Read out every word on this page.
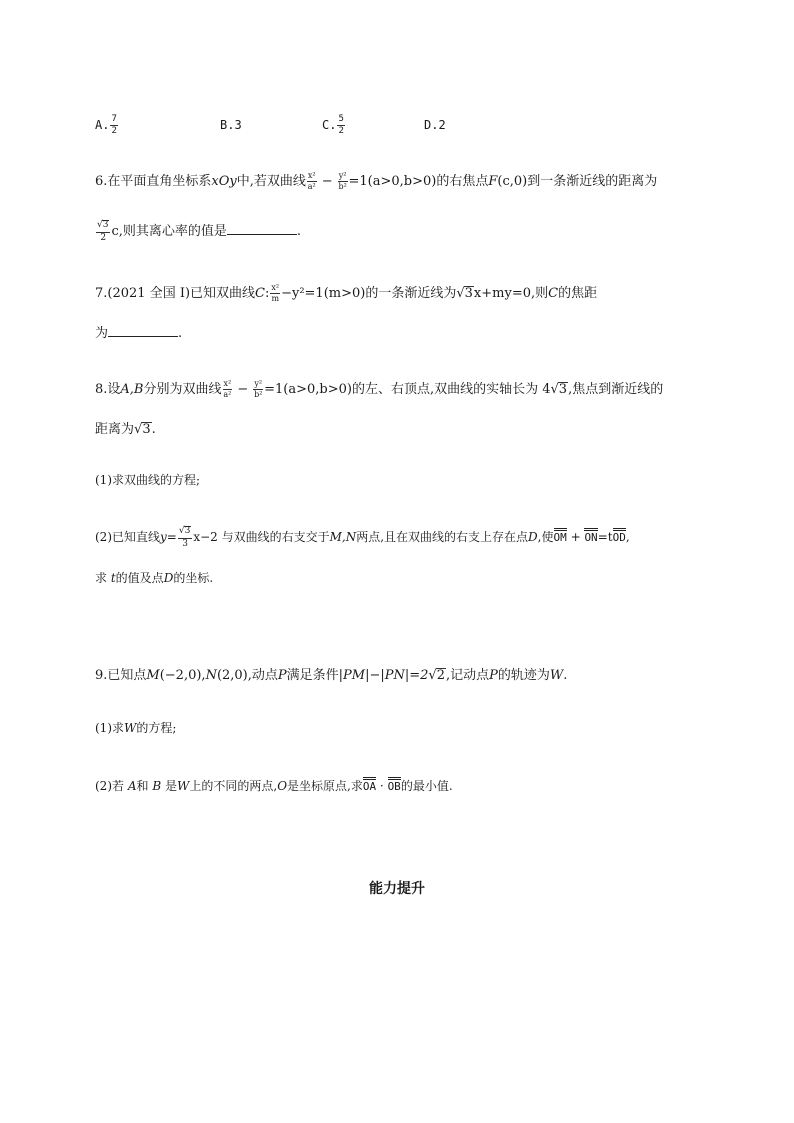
A. $\frac{7}{2}$	B.3	C. $\frac{5}{2}$	D.2
6.在平面直角坐标系xOy中,若双曲线 $\frac{\text{x²}}{\text{a²}} - \frac{\text{y²}}{\text{b²}} =1(a>0,b>0)$的右焦点F(c,0)到一条渐近线的距离为
$\frac{√3}{2} c$,则其离心率的值是	.
7.(2021 全国 I)已知双曲线C: $\frac{\text{x²}}{m} -y^2=1(m>0)$的一条渐近线为√3x+my=0,则C的焦距
为	.
8.设A,B分别为双曲线 $\frac{\text{x²}}{\text{a²}} - \frac{\text{y²}}{\text{b²}} =1(a>0,b>0)$的左、右顶点,双曲线的实轴长为 4√3,焦点到渐近线的
距离为√3.
(1)求双曲线的方程;
(2)已知直线$y= \frac{√3}{3} x-2$ 与双曲线的右支交于M,N两点,且在双曲线的右支上存在点D,使OM + ON=tOD,
求 t的值及点D的坐标.
9.已知点M(−2,0),N(2,0),动点P满足条件|PM|−|PN|=2√2,记动点P的轨迹为W.
(1)求W的方程;
(2)若 A和 B 是W上的不同的两点,O是坐标原点,求OA · OB的最小值.
能力提升
